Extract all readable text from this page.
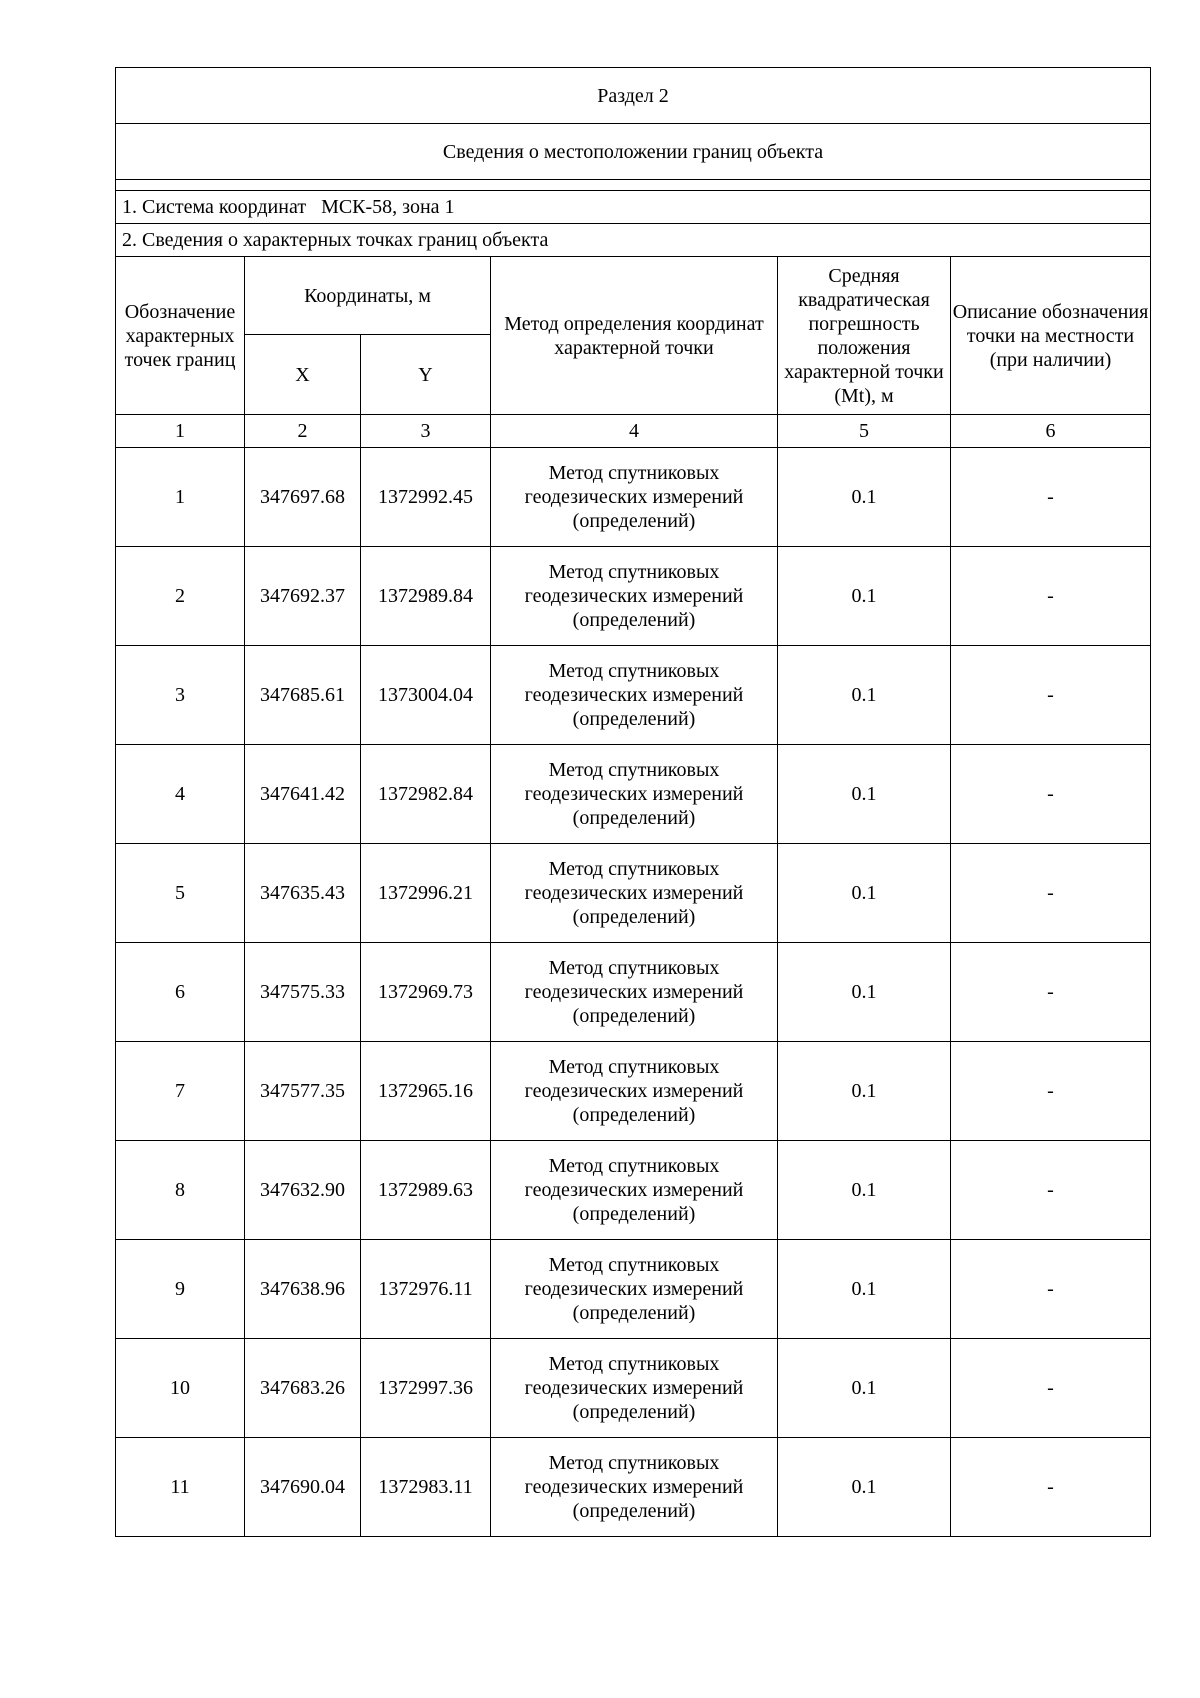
Раздел 2					
Сведения о местоположении границ объекта					

1. Система координат МСК-58, зона 1					
2. Сведения о характерных точках границ объекта					
Обозначение характерных точек границ	Координаты, м		Метод определения координат характерной точки	Средняя квадратическая погрешность положения характерной точки (Mt), м	Описание обозначения точки на местности (при наличии)
	X	Y			
1	2	3	4	5	6
1	347697.68	1372992.45	Метод спутниковых геодезических измерений (определений)	0.1	-
2	347692.37	1372989.84	Метод спутниковых геодезических измерений (определений)	0.1	-
3	347685.61	1373004.04	Метод спутниковых геодезических измерений (определений)	0.1	-
4	347641.42	1372982.84	Метод спутниковых геодезических измерений (определений)	0.1	-
5	347635.43	1372996.21	Метод спутниковых геодезических измерений (определений)	0.1	-
6	347575.33	1372969.73	Метод спутниковых геодезических измерений (определений)	0.1	-
7	347577.35	1372965.16	Метод спутниковых геодезических измерений (определений)	0.1	-
8	347632.90	1372989.63	Метод спутниковых геодезических измерений (определений)	0.1	-
9	347638.96	1372976.11	Метод спутниковых геодезических измерений (определений)	0.1	-
10	347683.26	1372997.36	Метод спутниковых геодезических измерений (определений)	0.1	-
11	347690.04	1372983.11	Метод спутниковых геодезических измерений (определений)	0.1	-
